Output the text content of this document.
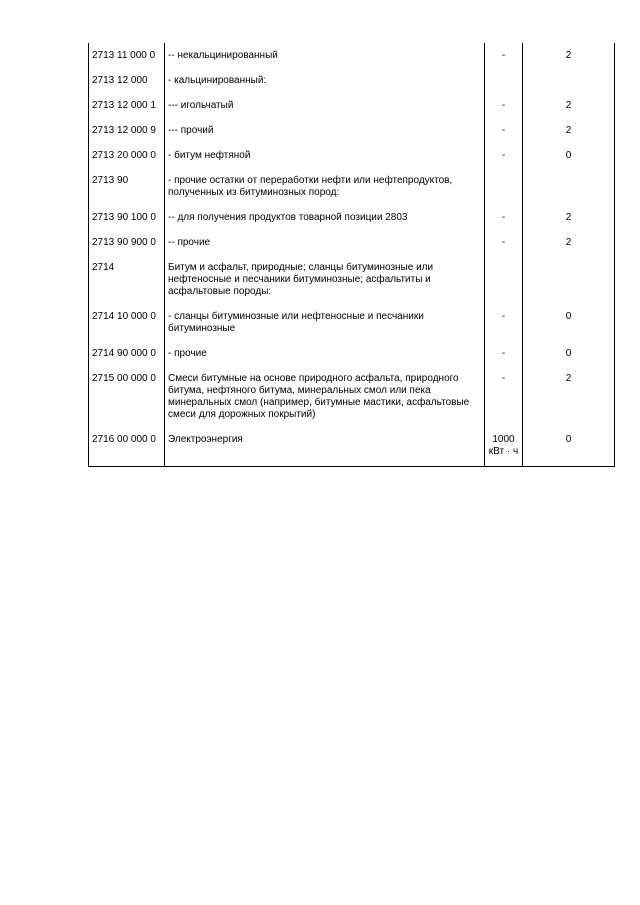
2713 11 000 0	-- некальцинированный	-	2
2713 12 000	- кальцинированный:		
2713 12 000 1	--- игольчатый	-	2
2713 12 000 9	--- прочий	-	2
2713 20 000 0	- битум нефтяной	-	0
2713 90	- прочие остатки от переработки нефти или нефтепродуктов, полученных из битуминозных пород:		
2713 90 100 0	-- для получения продуктов товарной позиции 2803	-	2
2713 90 900 0	-- прочие	-	2
2714	Битум и асфальт, природные; сланцы битуминозные или нефтеносные и песчаники битуминозные; асфальтиты и асфальтовые породы:		
2714 10 000 0	- сланцы битуминозные или нефтеносные и песчаники битуминозные	-	0
2714 90 000 0	- прочие	-	0
2715 00 000 0	Смеси битумные на основе природного асфальта, природного битума, нефтяного битума, минеральных смол или пека минеральных смол (например, битумные мастики, асфальтовые смеси для дорожных покрытий)	-	2
2716 00 000 0	Электроэнергия	1000 кВт · ч	0
